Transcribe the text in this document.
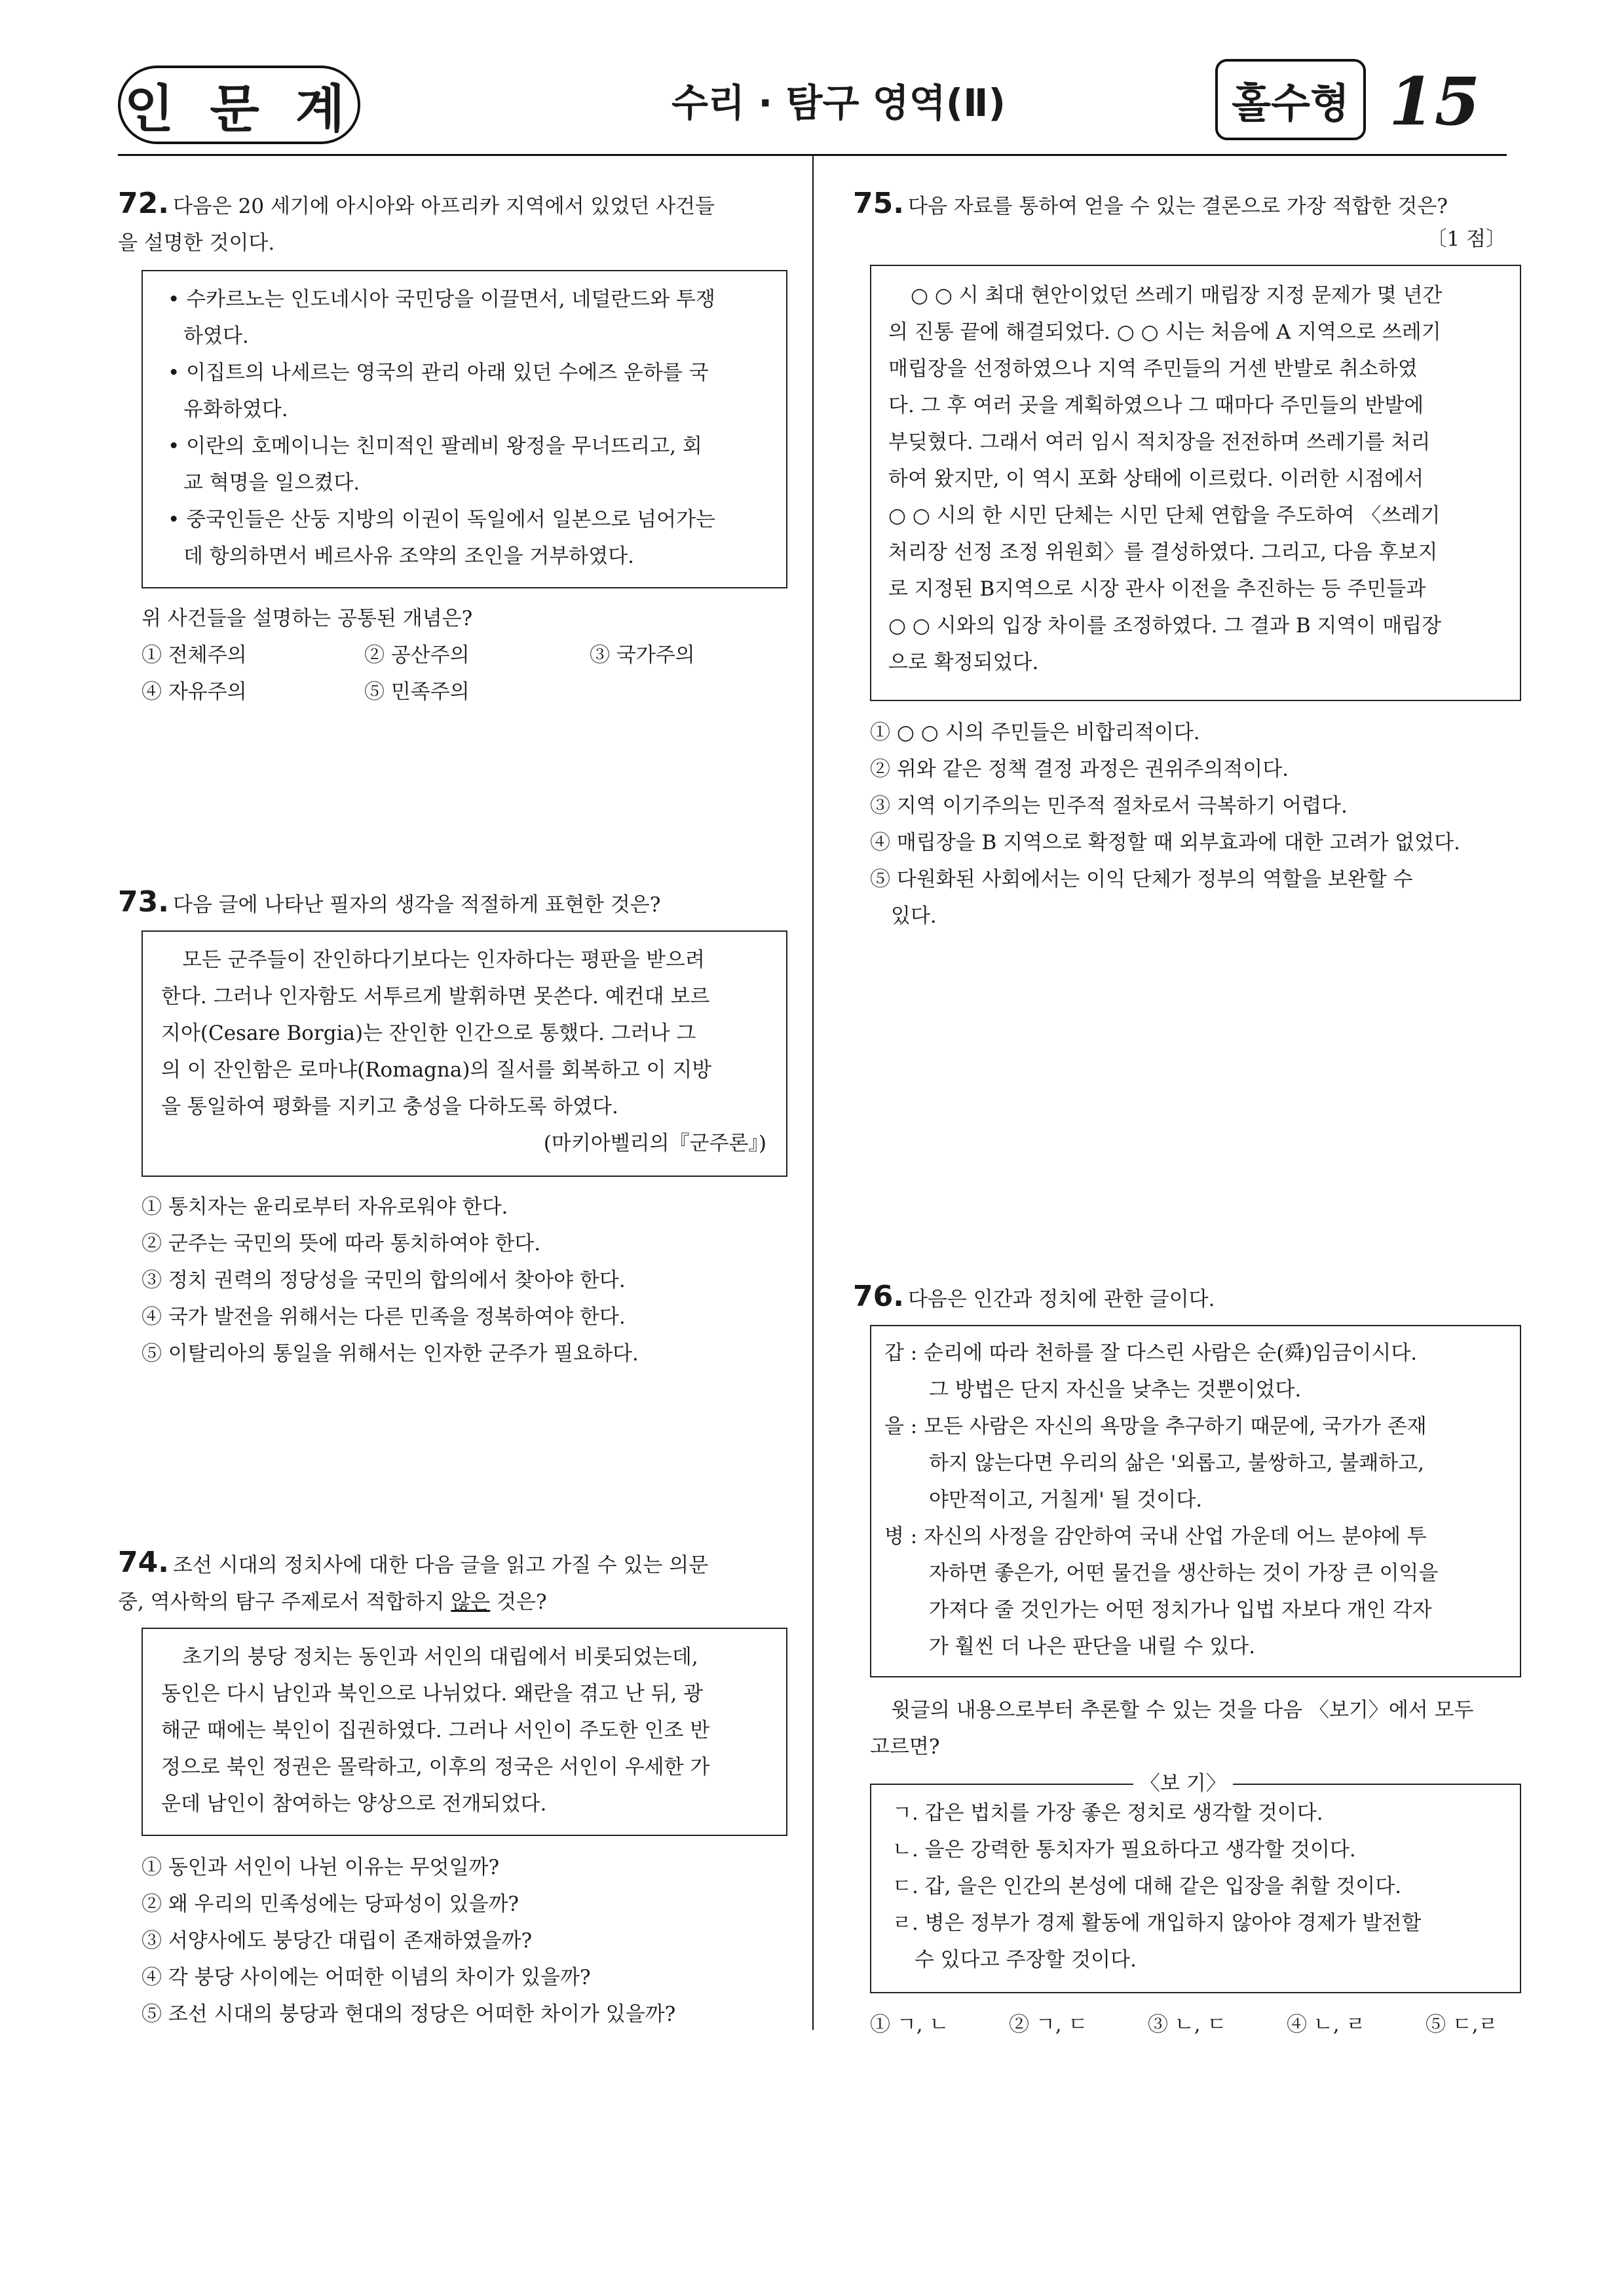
인 문 계	수리 · 탐구 영역(Ⅱ)	홀수형 15
72. 다음은 20 세기에 아시아와 아프리카 지역에서 있었던 사건들
을 설명한 것이다.
• 수카르노는 인도네시아 국민당을 이끌면서, 네덜란드와 투쟁
하였다.
• 이집트의 나세르는 영국의 관리 아래 있던 수에즈 운하를 국
유화하였다.
• 이란의 호메이니는 친미적인 팔레비 왕정을 무너뜨리고, 회
교 혁명을 일으켰다.
• 중국인들은 산둥 지방의 이권이 독일에서 일본으로 넘어가는
데 항의하면서 베르사유 조약의 조인을 거부하였다.
위 사건들을 설명하는 공통된 개념은?
① 전체주의	② 공산주의	③ 국가주의
④ 자유주의	⑤ 민족주의
73. 다음 글에 나타난 필자의 생각을 적절하게 표현한 것은?
모든 군주들이 잔인하다기보다는 인자하다는 평판을 받으려
한다. 그러나 인자함도 서투르게 발휘하면 못쓴다. 예컨대 보르
지아(Cesare Borgia)는 잔인한 인간으로 통했다. 그러나 그
의 이 잔인함은 로마냐(Romagna)의 질서를 회복하고 이 지방
을 통일하여 평화를 지키고 충성을 다하도록 하였다.
(마키아벨리의『군주론』)
① 통치자는 윤리로부터 자유로워야 한다.
② 군주는 국민의 뜻에 따라 통치하여야 한다.
③ 정치 권력의 정당성을 국민의 합의에서 찾아야 한다.
④ 국가 발전을 위해서는 다른 민족을 정복하여야 한다.
⑤ 이탈리아의 통일을 위해서는 인자한 군주가 필요하다.
74. 조선 시대의 정치사에 대한 다음 글을 읽고 가질 수 있는 의문
중, 역사학의 탐구 주제로서 적합하지 않은 것은?
초기의 붕당 정치는 동인과 서인의 대립에서 비롯되었는데,
동인은 다시 남인과 북인으로 나뉘었다. 왜란을 겪고 난 뒤, 광
해군 때에는 북인이 집권하였다. 그러나 서인이 주도한 인조 반
정으로 북인 정권은 몰락하고, 이후의 정국은 서인이 우세한 가
운데 남인이 참여하는 양상으로 전개되었다.
① 동인과 서인이 나뉜 이유는 무엇일까?
② 왜 우리의 민족성에는 당파성이 있을까?
③ 서양사에도 붕당간 대립이 존재하였을까?
④ 각 붕당 사이에는 어떠한 이념의 차이가 있을까?
⑤ 조선 시대의 붕당과 현대의 정당은 어떠한 차이가 있을까?
75. 다음 자료를 통하여 얻을 수 있는 결론으로 가장 적합한 것은?
〔1 점〕
○ ○ 시 최대 현안이었던 쓰레기 매립장 지정 문제가 몇 년간
의 진통 끝에 해결되었다. ○ ○ 시는 처음에 A 지역으로 쓰레기
매립장을 선정하였으나 지역 주민들의 거센 반발로 취소하였
다. 그 후 여러 곳을 계획하였으나 그 때마다 주민들의 반발에
부딪혔다. 그래서 여러 임시 적치장을 전전하며 쓰레기를 처리
하여 왔지만, 이 역시 포화 상태에 이르렀다. 이러한 시점에서
○ ○ 시의 한 시민 단체는 시민 단체 연합을 주도하여 〈쓰레기
처리장 선정 조정 위원회〉를 결성하였다. 그리고, 다음 후보지
로 지정된 B지역으로 시장 관사 이전을 추진하는 등 주민들과
○ ○ 시와의 입장 차이를 조정하였다. 그 결과 B 지역이 매립장
으로 확정되었다.
① ○ ○ 시의 주민들은 비합리적이다.
② 위와 같은 정책 결정 과정은 권위주의적이다.
③ 지역 이기주의는 민주적 절차로서 극복하기 어렵다.
④ 매립장을 B 지역으로 확정할 때 외부효과에 대한 고려가 없었다.
⑤ 다원화된 사회에서는 이익 단체가 정부의 역할을 보완할 수
있다.
76. 다음은 인간과 정치에 관한 글이다.
갑 : 순리에 따라 천하를 잘 다스린 사람은 순(舜)임금이시다.
그 방법은 단지 자신을 낮추는 것뿐이었다.
을 : 모든 사람은 자신의 욕망을 추구하기 때문에, 국가가 존재
하지 않는다면 우리의 삶은 '외롭고, 불쌍하고, 불쾌하고,
야만적이고, 거칠게' 될 것이다.
병 : 자신의 사정을 감안하여 국내 산업 가운데 어느 분야에 투
자하면 좋은가, 어떤 물건을 생산하는 것이 가장 큰 이익을
가져다 줄 것인가는 어떤 정치가나 입법 자보다 개인 각자
가 훨씬 더 나은 판단을 내릴 수 있다.
윗글의 내용으로부터 추론할 수 있는 것을 다음 〈보기〉에서 모두
고르면?
ㄱ. 갑은 법치를 가장 좋은 정치로 생각할 것이다.
ㄴ. 을은 강력한 통치자가 필요하다고 생각할 것이다.
ㄷ. 갑, 을은 인간의 본성에 대해 같은 입장을 취할 것이다.
ㄹ. 병은 정부가 경제 활동에 개입하지 않아야 경제가 발전할
수 있다고 주장할 것이다.
〈보 기〉
① ㄱ, ㄴ	② ㄱ, ㄷ	③ ㄴ, ㄷ	④ ㄴ, ㄹ	⑤ ㄷ,ㄹ
